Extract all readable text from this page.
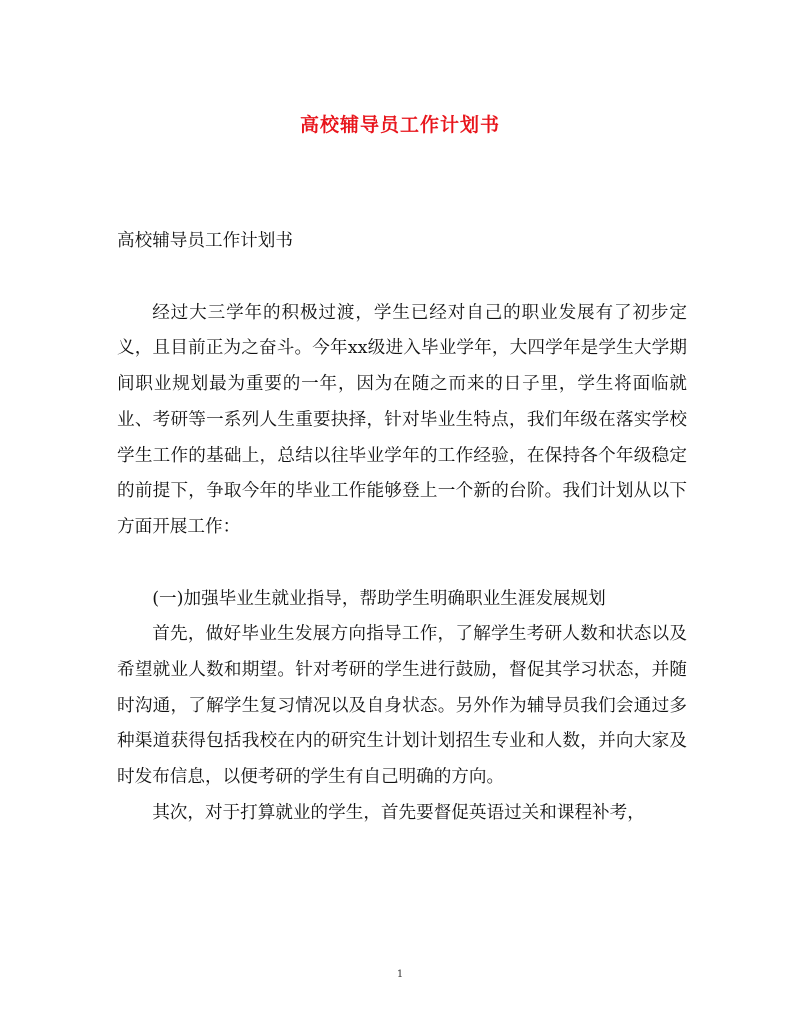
高校辅导员工作计划书

高校辅导员工作计划书

经过大三学年的积极过渡，学生已经对自己的职业发展有了初步定义，且目前正为之奋斗。今年xx级进入毕业学年，大四学年是学生大学期间职业规划最为重要的一年，因为在随之而来的日子里，学生将面临就业、考研等一系列人生重要抉择，针对毕业生特点，我们年级在落实学校学生工作的基础上，总结以往毕业学年的工作经验，在保持各个年级稳定的前提下，争取今年的毕业工作能够登上一个新的台阶。我们计划从以下方面开展工作：

(一)加强毕业生就业指导，帮助学生明确职业生涯发展规划

首先，做好毕业生发展方向指导工作，了解学生考研人数和状态以及希望就业人数和期望。针对考研的学生进行鼓励，督促其学习状态，并随时沟通，了解学生复习情况以及自身状态。另外作为辅导员我们会通过多种渠道获得包括我校在内的研究生计划计划招生专业和人数，并向大家及时发布信息，以便考研的学生有自己明确的方向。

其次，对于打算就业的学生，首先要督促英语过关和课程补考，

1
